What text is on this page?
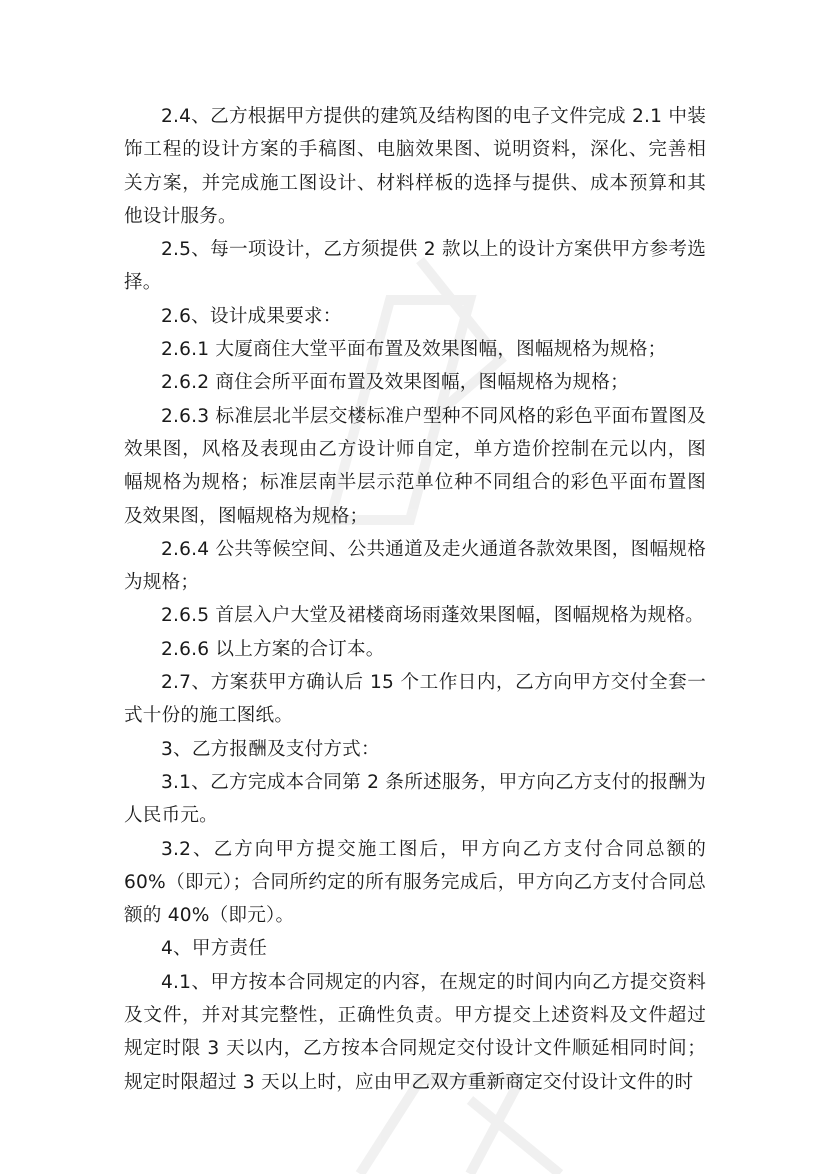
2.4、乙方根据甲方提供的建筑及结构图的电子文件完成 2.1 中装饰工程的设计方案的手稿图、电脑效果图、说明资料，深化、完善相关方案，并完成施工图设计、材料样板的选择与提供、成本预算和其他设计服务。

2.5、每一项设计，乙方须提供 2 款以上的设计方案供甲方参考选择。

2.6、设计成果要求：

2.6.1 大厦商住大堂平面布置及效果图幅，图幅规格为规格；

2.6.2 商住会所平面布置及效果图幅，图幅规格为规格；

2.6.3 标准层北半层交楼标准户型种不同风格的彩色平面布置图及效果图，风格及表现由乙方设计师自定，单方造价控制在元以内，图幅规格为规格；标准层南半层示范单位种不同组合的彩色平面布置图及效果图，图幅规格为规格；

2.6.4 公共等候空间、公共通道及走火通道各款效果图，图幅规格为规格；

2.6.5 首层入户大堂及裙楼商场雨蓬效果图幅，图幅规格为规格。

2.6.6 以上方案的合订本。

2.7、方案获甲方确认后 15 个工作日内，乙方向甲方交付全套一式十份的施工图纸。

3、乙方报酬及支付方式：

3.1、乙方完成本合同第 2 条所述服务，甲方向乙方支付的报酬为人民币元。

3.2、乙方向甲方提交施工图后，甲方向乙方支付合同总额的 60%（即元）；合同所约定的所有服务完成后，甲方向乙方支付合同总额的 40%（即元）。

4、甲方责任

4.1、甲方按本合同规定的内容，在规定的时间内向乙方提交资料及文件，并对其完整性，正确性负责。甲方提交上述资料及文件超过规定时限 3 天以内，乙方按本合同规定交付设计文件顺延相同时间；规定时限超过 3 天以上时，应由甲乙双方重新商定交付设计文件的时
